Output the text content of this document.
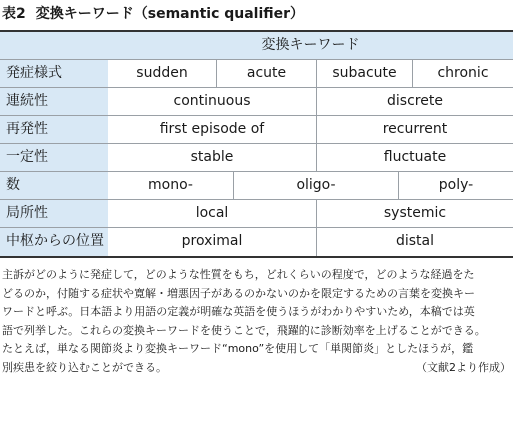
表2 変換キーワード（semantic qualifier）
変換キーワード
発症様式	sudden	acute	subacute	chronic
連続性	continuous	discrete
再発性	first episode of	recurrent
一定性	stable	fluctuate
数	mono-	oligo-	poly-
局所性	local	systemic
中枢からの位置	proximal	distal
主訴がどのように発症して，どのような性質をもち，どれくらいの程度で，どのような経過をた
どるのか，付随する症状や寛解・増悪因子があるのかないのかを限定するための言葉を変換キー
ワードと呼ぶ。日本語より用語の定義が明確な英語を使うほうがわかりやすいため，本稿では英
語で列挙した。これらの変換キーワードを使うことで，飛躍的に診断効率を上げることができる。
たとえば，単なる関節炎より変換キーワード“mono”を使用して「単関節炎」としたほうが，鑑
別疾患を絞り込むことができる。	（文献2より作成）
